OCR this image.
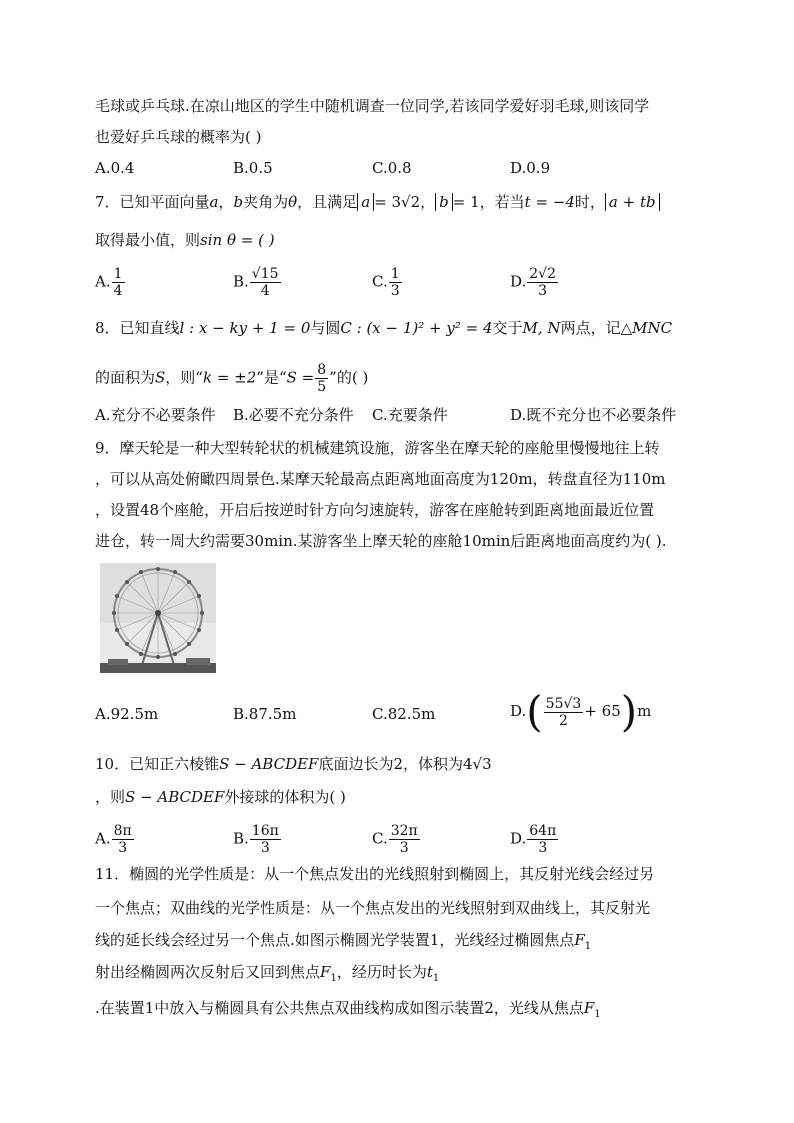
毛球或乒乓球.在凉山地区的学生中随机调查一位同学,若该同学爱好羽毛球,则该同学
也爱好乒乓球的概率为( )
A.0.4	B.0.5	C.0.8	D.0.9
7．已知平面向量a，b夹角为θ，且满足 a = 3√2， b = 1，若当t = −4时， a + tb
取得最小值，则sin θ = ( )
A. $\frac{1}{4}$	B. $\frac{√15}{4}$	C. $\frac{1}{3}$	D. $\frac{2√2}{3}$
8．已知直线l : x − ky + 1 = 0与圆C : (x − 1)² + y² = 4交于M, N两点，记△MNC
的面积为S，则“k = ±2”是“$S = \frac{8}{5}$ ”的( )
A.充分不必要条件 B.必要不充分条件 C.充要条件	D.既不充分也不必要条件
9．摩天轮是一种大型转轮状的机械建筑设施，游客坐在摩天轮的座舱里慢慢地往上转
，可以从高处俯瞰四周景色.某摩天轮最高点距离地面高度为120m，转盘直径为110m
，设置48个座舱，开启后按逆时针方向匀速旋转，游客在座舱转到距离地面最近位置
进仓，转一周大约需要30min.某游客坐上摩天轮的座舱10min后距离地面高度约为( ).
A.92.5m	B.87.5m	C.82.5m	$D.( \frac{55√3}{2} + 65)m$
10．已知正六棱锥S − ABCDEF底面边长为2，体积为4√3
，则S − ABCDEF外接球的体积为( )
A. $\frac{8\pi}{3}$	B. $\frac{16\pi}{3}$	C. $\frac{32\pi}{3}$	D. $\frac{64\pi}{3}$
11．椭圆的光学性质是：从一个焦点发出的光线照射到椭圆上，其反射光线会经过另
一个焦点；双曲线的光学性质是：从一个焦点发出的光线照射到双曲线上，其反射光
线的延长线会经过另一个焦点.如图示椭圆光学装置1，光线经过椭圆焦点$F_1$
射出经椭圆两次反射后又回到焦点$F_1$，经历时长为$t_1$
.在装置1中放入与椭圆具有公共焦点双曲线构成如图示装置2，光线从焦点$F_1$
